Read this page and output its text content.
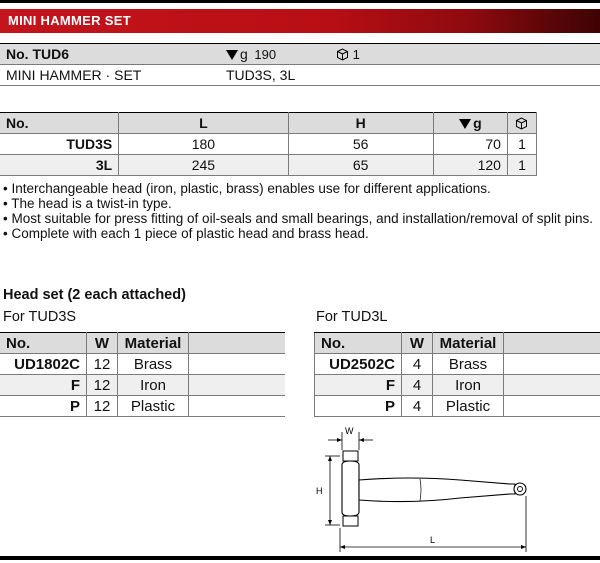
MINI HAMMER SET
No. TUD6	g 190	1
MINI HAMMER · SET	TUD3S, 3L	
No.	L	H	g	
TUD3S	180	56	70	1
3L	245	65	120	1
• Interchangeable head (iron, plastic, brass) enables use for different applications.
• The head is a twist-in type.
• Most suitable for press fitting of oil-seals and small bearings, and installation/removal of split pins.
• Complete with each 1 piece of plastic head and brass head.
Head set (2 each attached)
For TUD3S	For TUD3L
No.	W	Material	
UD1802C	12	Brass	
F	12	Iron	
P	12	Plastic	
No.	W	Material	
UD2502C	4	Brass	
F	4	Iron	
P	4	Plastic	
W
H
L
